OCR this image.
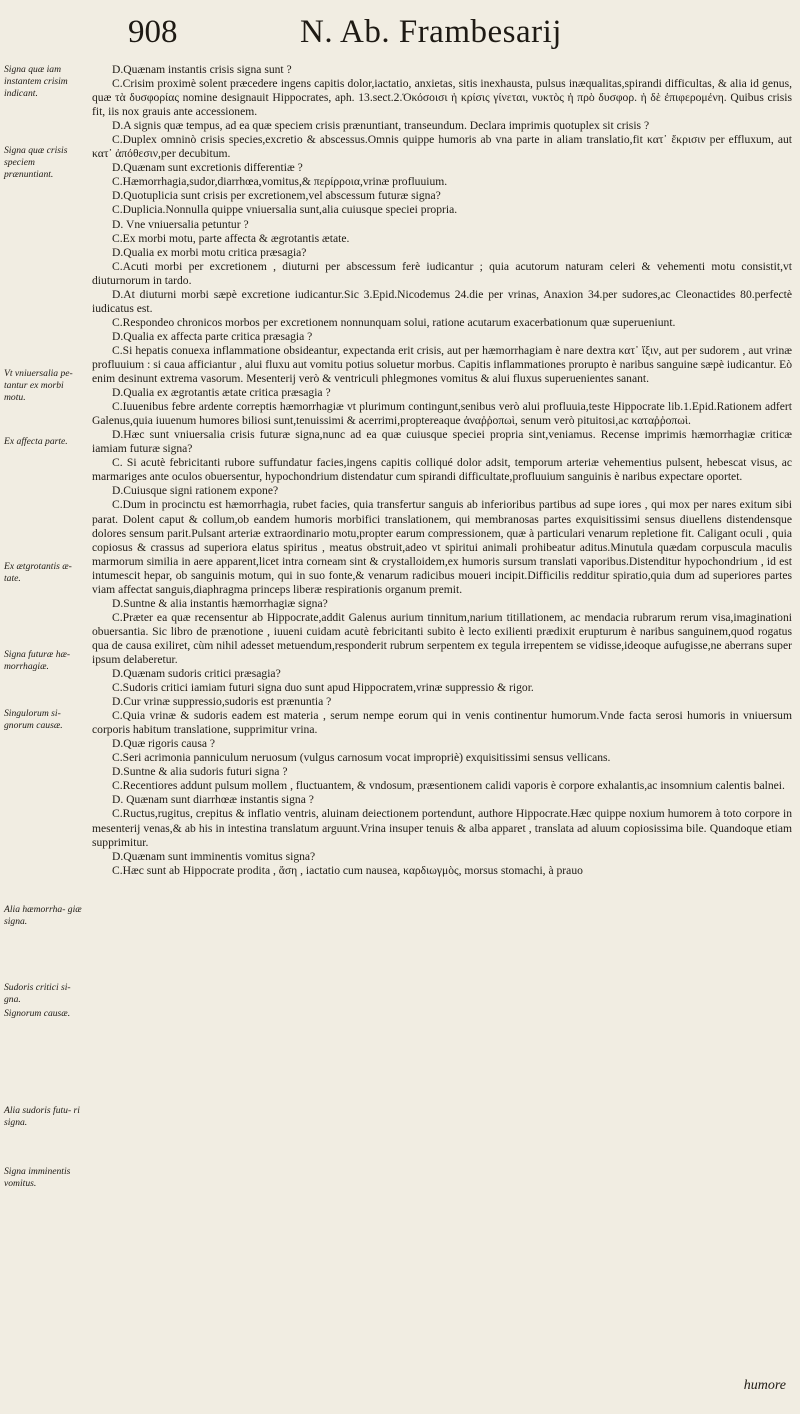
908	N. Ab. Frambesarij
Signa quæ iam instantem crisim indicant.
Signa quæ crisis speciem prænuntiant.
Vt vniuersalia pe- tantur ex morbi motu.
Ex affecta parte.
Ex ætgrotantis æ- tate.
Signa futuræ hæ- morrhagiæ.
Singulorum si- gnorum causæ.
Alia hæmorrha- giæ signa.
Sudoris critici si- gna.
Signorum causæ.
Alia sudoris futu- ri signa.
Signa imminentis vomitus.

D.Quænam instantis crisis signa sunt ?

C.Crisim proximè solent præcedere ingens capitis dolor,iactatio, anxietas, sitis inexhausta, pulsus inæqualitas,spirandi difficultas, & alia id genus, quæ τὰ δυσφορίας nomine designauit Hippocrates, aph. 13.sect.2.Ὁκόσοισι ἡ κρίσις γίνεται, νυκτὸς ἡ πρὸ δυσφορ. ἡ δὲ ἐπιφερομένη. Quibus crisis fit, iis nox grauis ante accessionem.

D.A signis quæ tempus, ad ea quæ speciem crisis prænuntiant, transeundum. Declara imprimis quotuplex sit crisis ?

C.Duplex omninò crisis species,excretio & abscessus.Omnis quippe humoris ab vna parte in aliam translatio,fit κατ᾽ ἔκρισιν per effluxum, aut κατ᾽ ἀπόθεσιν,per decubitum.

D.Quænam sunt excretionis differentiæ ?

C.Hæmorrhagia,sudor,diarrhœa,vomitus,& περίρροια,vrinæ profluuium.

D.Quotuplicia sunt crisis per excretionem,vel abscessum futuræ signa?

C.Duplicia.Nonnulla quippe vniuersalia sunt,alia cuiusque speciei propria.

D. Vne vniuersalia petuntur ?

C.Ex morbi motu, parte affecta & ægrotantis ætate.

D.Qualia ex morbi motu critica præsagia?

C.Acuti morbi per excretionem , diuturni per abscessum ferè iudicantur ; quia acutorum naturam celeri & vehementi motu consistit,vt diuturnorum in tardo.

D.At diuturni morbi sæpè excretione iudicantur.Sic 3.Epid.Nicodemus 24.die per vrinas, Anaxion 34.per sudores,ac Cleonactides 80.perfectè iudicatus est.

C.Respondeo chronicos morbos per excretionem nonnunquam solui, ratione acutarum exacerbationum quæ superueniunt.

D.Qualia ex affecta parte critica præsagia ?

C.Si hepatis conuexa inflammatione obsideantur, expectanda erit crisis, aut per hæmorrhagiam è nare dextra κατ᾽ ἴξιν, aut per sudorem , aut vrinæ profluuium : si caua afficiantur , alui fluxu aut vomitu potius soluetur morbus. Capitis inflammationes prorupto è naribus sanguine sæpè iudicantur. Eò enim desinunt extrema vasorum. Mesenterij verò & ventriculi phlegmones vomitus & alui fluxus superuenientes sanant.

D.Qualia ex ægrotantis ætate critica præsagia ?

C.Iuuenibus febre ardente correptis hæmorrhagiæ vt plurimum contingunt,senibus verò alui profluuia,teste Hippocrate lib.1.Epid.Rationem adfert Galenus,quia iuuenum humores biliosi sunt,tenuissimi & acerrimi,proptereaque ἀναῤῥοπωὶ, senum verò pituitosi,ac καταῤῥοπωὶ.

D.Hæc sunt vniuersalia crisis futuræ signa,nunc ad ea quæ cuiusque speciei propria sint,veniamus. Recense imprimis hæmorrhagiæ criticæ iamiam futuræ signa?

C. Si acutè febricitanti rubore suffundatur facies,ingens capitis colliqué dolor adsit, temporum arteriæ vehementius pulsent, hebescat visus, ac marmariges ante oculos obuersentur, hypochondrium distendatur cum spirandi difficultate,profluuium sanguinis è naribus expectare oportet.

D.Cuiusque signi rationem expone?

C.Dum in procinctu est hæmorrhagia, rubet facies, quia transfertur sanguis ab inferioribus partibus ad supe iores , qui mox per nares exitum sibi parat. Dolent caput & collum,ob eandem humoris morbifici translationem, qui membranosas partes exquisitissimi sensus diuellens distendensque dolores sensum parit.Pulsant arteriæ extraordinario motu,propter earum compressionem, quæ à particulari venarum repletione fit. Caligant oculi , quia copiosus & crassus ad superiora elatus spiritus , meatus obstruit,adeo vt spiritui animali prohibeatur aditus.Minutula quædam corpuscula maculis marmorum similia in aere apparent,licet intra corneam sint & crystalloidem,ex humoris sursum translati vaporibus.Distenditur hypochondrium , id est intumescit hepar, ob sanguinis motum, qui in suo fonte,& venarum radicibus moueri incipit.Difficilis redditur spiratio,quia dum ad superiores partes viam affectat sanguis,diaphragma princeps liberæ respirationis organum premit.

D.Suntne & alia instantis hæmorrhagiæ signa?

C.Præter ea quæ recensentur ab Hippocrate,addit Galenus aurium tinnitum,narium titillationem, ac mendacia rubrarum rerum visa,imaginationi obuersantia. Sic libro de prænotione , iuueni cuidam acutè febricitanti subito è lecto exilienti prædixit erupturum è naribus sanguinem,quod rogatus qua de causa exiliret, cùm nihil adesset metuendum,responderit rubrum serpentem ex tegula irrepentem se vidisse,ideoque aufugisse,ne aberrans super ipsum delaberetur.

D.Quænam sudoris critici præsagia?

C.Sudoris critici iamiam futuri signa duo sunt apud Hippocratem,vrinæ suppressio & rigor.

D.Cur vrinæ suppressio,sudoris est prænuntia ?

C.Quia vrinæ & sudoris eadem est materia , serum nempe eorum qui in venis continentur humorum.Vnde facta serosi humoris in vniuersum corporis habitum translatione, supprimitur vrina.

D.Quæ rigoris causa ?

C.Seri acrimonia panniculum neruosum (vulgus carnosum vocat impropriè) exquisitissimi sensus vellicans.

D.Suntne & alia sudoris futuri signa ?

C.Recentiores addunt pulsum mollem , fluctuantem, & vndosum, præsentionem calidi vaporis è corpore exhalantis,ac insomnium calentis balnei.

D. Quænam sunt diarrhœæ instantis signa ?

C.Ructus,rugitus, crepitus & inflatio ventris, aluinam deiectionem portendunt, authore Hippocrate.Hæc quippe noxium humorem à toto corpore in mesenterij venas,& ab his in intestina translatum arguunt.Vrina insuper tenuis & alba apparet , translata ad aluum copiosissima bile. Quandoque etiam supprimitur.

D.Quænam sunt imminentis vomitus signa?

C.Hæc sunt ab Hippocrate prodita , ἄση , iactatio cum nausea, καρδιωγμὸς, morsus stomachi, à prauo

humore
